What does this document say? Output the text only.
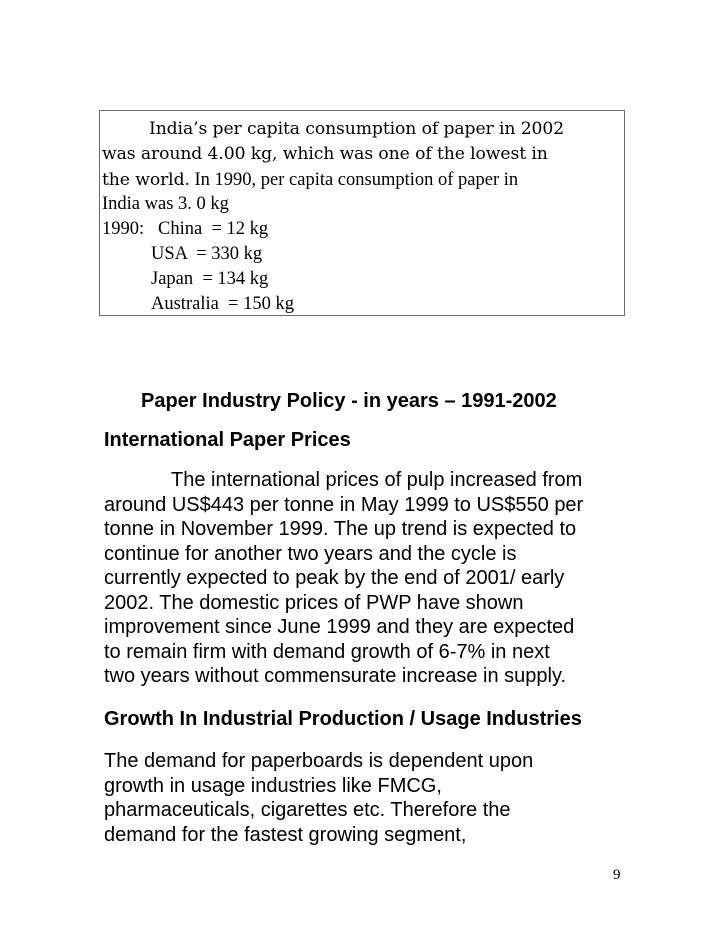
India’s per capita consumption of paper in 2002
was around 4.00 kg, which was one of the lowest in
the world. In 1990, per capita consumption of paper in
India was 3. 0 kg
1990:   China  = 12 kg
USA  = 330 kg
Japan  = 134 kg
Australia  = 150 kg
Paper Industry Policy - in years – 1991-2002
International Paper Prices
The international prices of pulp increased from
around US$443 per tonne in May 1999 to US$550 per
tonne in November 1999. The up trend is expected to
continue for another two years and the cycle is
currently expected to peak by the end of 2001/ early
2002. The domestic prices of PWP have shown
improvement since June 1999 and they are expected
to remain firm with demand growth of 6-7% in next
two years without commensurate increase in supply.
Growth In Industrial Production / Usage Industries
The demand for paperboards is dependent upon
growth in usage industries like FMCG,
pharmaceuticals, cigarettes etc. Therefore the
demand for the fastest growing segment,
9
